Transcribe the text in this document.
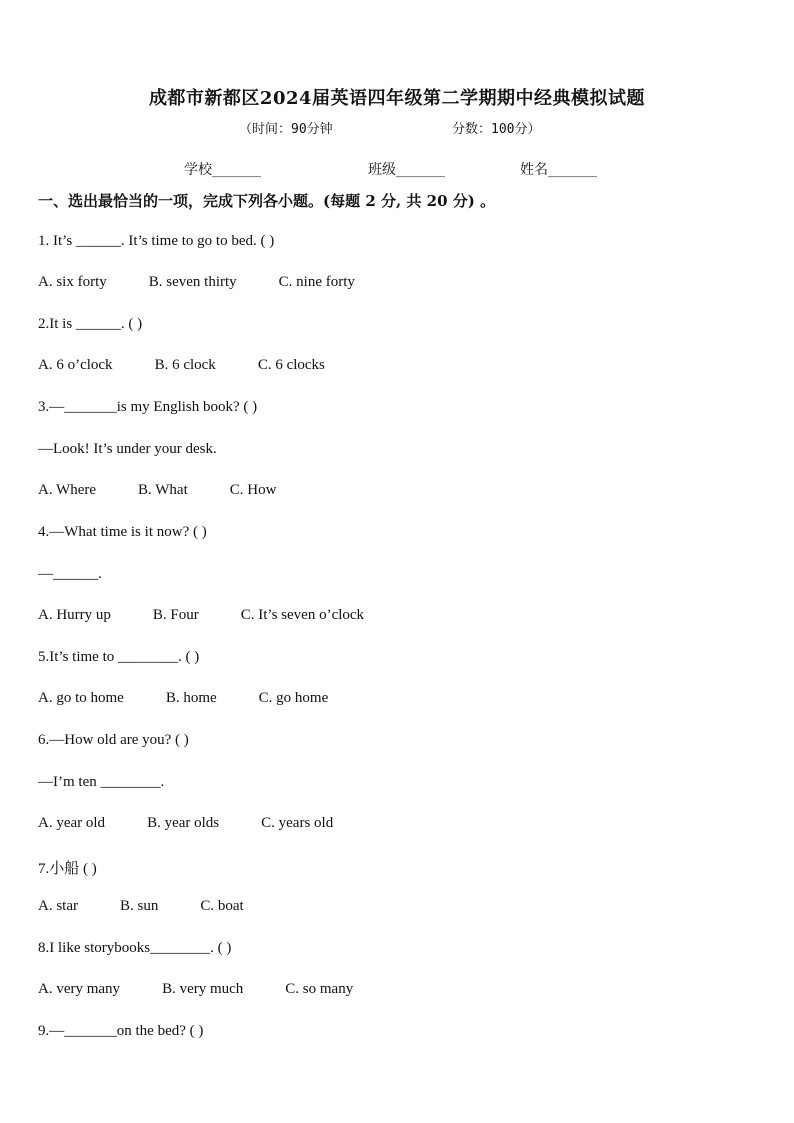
成都市新都区2024届英语四年级第二学期期中经典模拟试题
（时间：90分钟	分数：100分）
学校_______	班级_______	姓名_______
一、选出最恰当的一项，完成下列各小题。(每题 2 分, 共 20 分) 。
1. It’s ______. It’s time to go to bed. ( )
A. six forty	B. seven thirty	C. nine forty
2.It is ______. ( )
A. 6 o’clock	B. 6 clock	C. 6 clocks
3.—_______is my English book? ( )
—Look! It’s under your desk.
A. Where	B. What	C. How
4.—What time is it now? ( )
—______.
A. Hurry up	B. Four	C. It’s seven o’clock
5.It’s time to ________. ( )
A. go to home	B. home	C. go home
6.—How old are you? ( )
—I’m ten ________.
A. year old	B. year olds	C. years old
7.小船 ( )
A. star	B. sun	C. boat
8.I like storybooks________. ( )
A. very many	B. very much	C. so many
9.—_______on the bed? ( )
